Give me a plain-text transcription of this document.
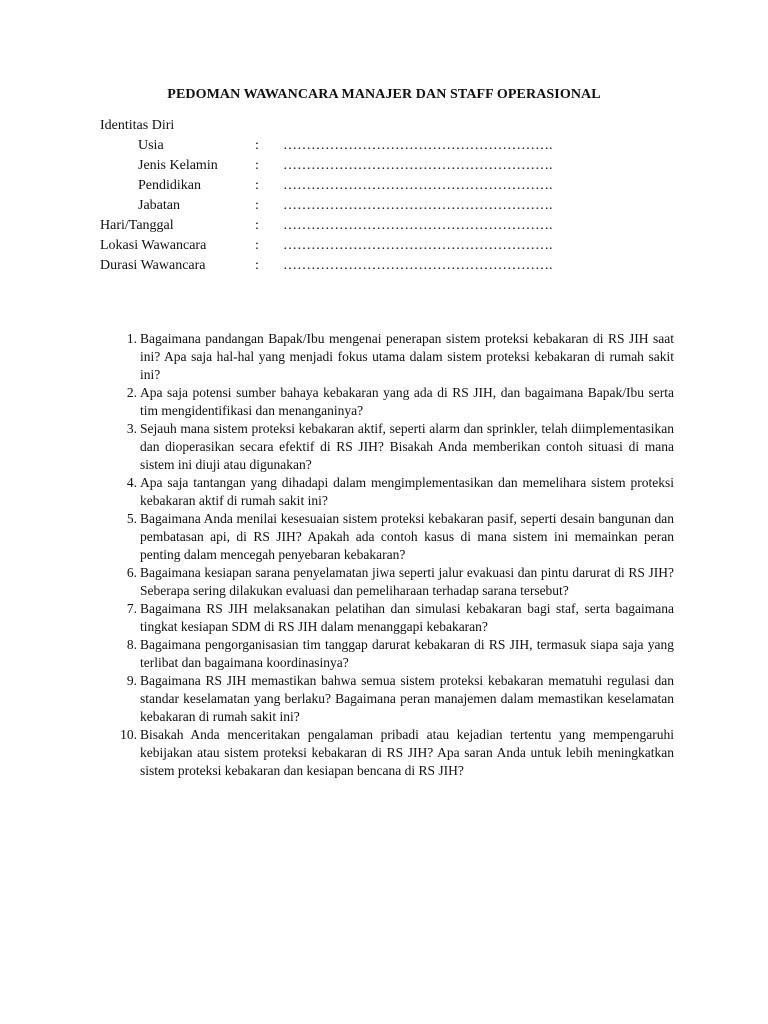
PEDOMAN WAWANCARA MANAJER DAN STAFF OPERASIONAL
Identitas Diri
Usia	: ………………………………………………….
Jenis Kelamin	: ………………………………………………….
Pendidikan	: ………………………………………………….
Jabatan	: ………………………………………………….
Hari/Tanggal	: ………………………………………………….
Lokasi Wawancara	: ………………………………………………….
Durasi Wawancara	: ………………………………………………….
1. Bagaimana pandangan Bapak/Ibu mengenai penerapan sistem proteksi kebakaran di RS JIH saat ini? Apa saja hal-hal yang menjadi fokus utama dalam sistem proteksi kebakaran di rumah sakit ini?
2. Apa saja potensi sumber bahaya kebakaran yang ada di RS JIH, dan bagaimana Bapak/Ibu serta tim mengidentifikasi dan menanganinya?
3. Sejauh mana sistem proteksi kebakaran aktif, seperti alarm dan sprinkler, telah diimplementasikan dan dioperasikan secara efektif di RS JIH? Bisakah Anda memberikan contoh situasi di mana sistem ini diuji atau digunakan?
4. Apa saja tantangan yang dihadapi dalam mengimplementasikan dan memelihara sistem proteksi kebakaran aktif di rumah sakit ini?
5. Bagaimana Anda menilai kesesuaian sistem proteksi kebakaran pasif, seperti desain bangunan dan pembatasan api, di RS JIH? Apakah ada contoh kasus di mana sistem ini memainkan peran penting dalam mencegah penyebaran kebakaran?
6. Bagaimana kesiapan sarana penyelamatan jiwa seperti jalur evakuasi dan pintu darurat di RS JIH? Seberapa sering dilakukan evaluasi dan pemeliharaan terhadap sarana tersebut?
7. Bagaimana RS JIH melaksanakan pelatihan dan simulasi kebakaran bagi staf, serta bagaimana tingkat kesiapan SDM di RS JIH dalam menanggapi kebakaran?
8. Bagaimana pengorganisasian tim tanggap darurat kebakaran di RS JIH, termasuk siapa saja yang terlibat dan bagaimana koordinasinya?
9. Bagaimana RS JIH memastikan bahwa semua sistem proteksi kebakaran mematuhi regulasi dan standar keselamatan yang berlaku? Bagaimana peran manajemen dalam memastikan keselamatan kebakaran di rumah sakit ini?
10. Bisakah Anda menceritakan pengalaman pribadi atau kejadian tertentu yang mempengaruhi kebijakan atau sistem proteksi kebakaran di RS JIH? Apa saran Anda untuk lebih meningkatkan sistem proteksi kebakaran dan kesiapan bencana di RS JIH?
